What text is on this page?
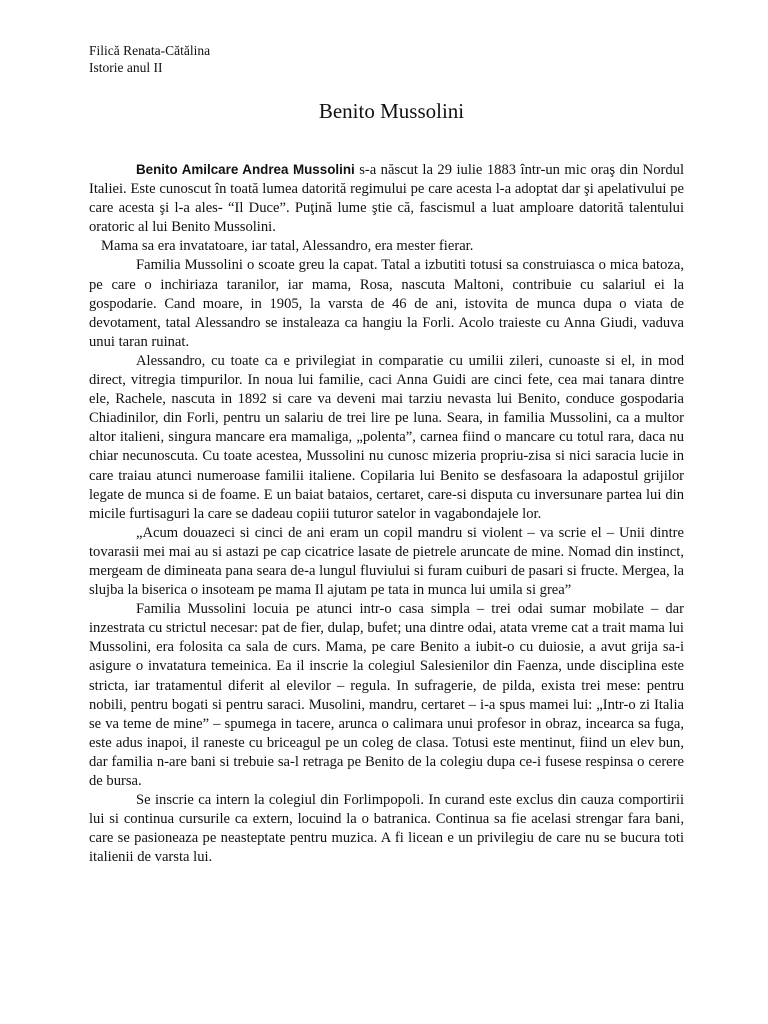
Filică Renata-Cătălina
Istorie anul II
Benito Mussolini

Benito Amilcare Andrea Mussolini s-a născut la 29 iulie 1883 într-un mic oraş din Nordul Italiei. Este cunoscut în toată lumea datorită regimului pe care acesta l-a adoptat dar şi apelativului pe care acesta şi l-a ales- “Il Duce”. Puţină lume ştie că, fascismul a luat amploare datorită talentului oratoric al lui Benito Mussolini.

Mama sa era invatatoare, iar tatal, Alessandro, era mester fierar.

Familia Mussolini o scoate greu la capat. Tatal a izbutiti totusi sa construiasca o mica batoza, pe care o inchiriaza taranilor, iar mama, Rosa, nascuta Maltoni, contribuie cu salariul ei la gospodarie. Cand moare, in 1905, la varsta de 46 de ani, istovita de munca dupa o viata de devotament, tatal Alessandro se instaleaza ca hangiu la Forli. Acolo traieste cu Anna Giudi, vaduva unui taran ruinat.

Alessandro, cu toate ca e privilegiat in comparatie cu umilii zileri, cunoaste si el, in mod direct, vitregia timpurilor. In noua lui familie, caci Anna Guidi are cinci fete, cea mai tanara dintre ele, Rachele, nascuta in 1892 si care va deveni mai tarziu nevasta lui Benito, conduce gospodaria Chiadinilor, din Forli, pentru un salariu de trei lire pe luna. Seara, in familia Mussolini, ca a multor altor italieni, singura mancare era mamaliga, „polenta”, carnea fiind o mancare cu totul rara, daca nu chiar necunoscuta. Cu toate acestea, Mussolini nu cunosc mizeria propriu-zisa si nici saracia lucie in care traiau atunci numeroase familii italiene. Copilaria lui Benito se desfasoara la adapostul grijilor legate de munca si de foame. E un baiat bataios, certaret, care-si disputa cu inversunare partea lui din micile furtisaguri la care se dadeau copiii tuturor satelor in vagabondajele lor.

„Acum douazeci si cinci de ani eram un copil mandru si violent – va scrie el – Unii dintre tovarasii mei mai au si astazi pe cap cicatrice lasate de pietrele aruncate de mine. Nomad din instinct, mergeam de dimineata pana seara de-a lungul fluviului si furam cuiburi de pasari si fructe. Mergea, la slujba la biserica o insoteam pe mama Il ajutam pe tata in munca lui umila si grea”

Familia Mussolini locuia pe atunci intr-o casa simpla – trei odai sumar mobilate – dar inzestrata cu strictul necesar: pat de fier, dulap, bufet; una dintre odai, atata vreme cat a trait mama lui Mussolini, era folosita ca sala de curs. Mama, pe care Benito a iubit-o cu duiosie, a avut grija sa-i asigure o invatatura temeinica. Ea il inscrie la colegiul Salesienilor din Faenza, unde disciplina este stricta, iar tratamentul diferit al elevilor – regula. In sufragerie, de pilda, exista trei mese: pentru nobili, pentru bogati si pentru saraci. Musolini, mandru, certaret – i-a spus mamei lui: „Intr-o zi Italia se va teme de mine” – spumega in tacere, arunca o calimara unui profesor in obraz, incearca sa fuga, este adus inapoi, il raneste cu briceagul pe un coleg de clasa. Totusi este mentinut, fiind un elev bun, dar familia n-are bani si trebuie sa-l retraga pe Benito de la colegiu dupa ce-i fusese respinsa o cerere de bursa.

Se inscrie ca intern la colegiul din Forlimpopoli. In curand este exclus din cauza comportirii lui si continua cursurile ca extern, locuind la o batranica. Continua sa fie acelasi strengar fara bani, care se pasioneaza pe neasteptate pentru muzica. A fi licean e un privilegiu de care nu se bucura toti italienii de varsta lui.
